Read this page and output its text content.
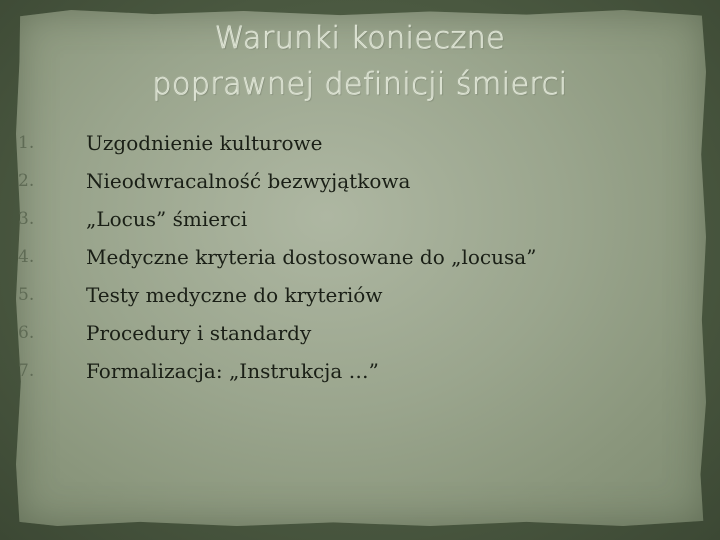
Warunki konieczne
poprawnej definicji śmierci
1.	Uzgodnienie kulturowe
2.	Nieodwracalność bezwyjątkowa
3.	„Locus” śmierci
4.	Medyczne kryteria dostosowane do „locusa”
5.	Testy medyczne do kryteriów
6.	Procedury i standardy
7.	Formalizacja: „Instrukcja …”
